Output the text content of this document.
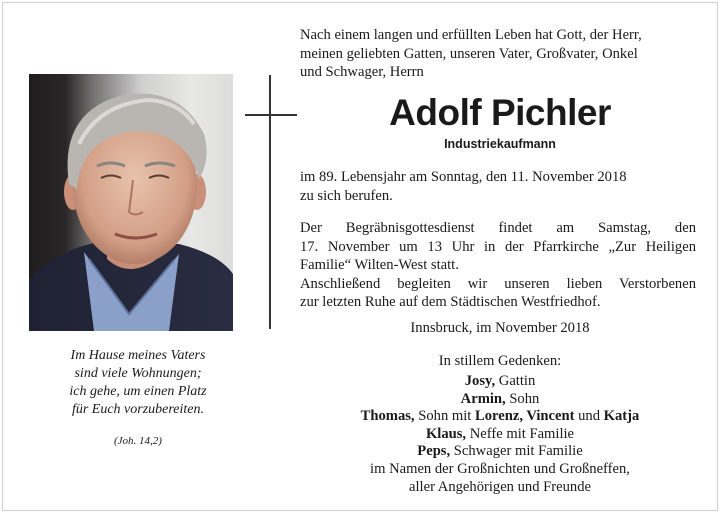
Nach einem langen und erfüllten Leben hat Gott, der Herr,
meinen geliebten Gatten, unseren Vater, Großvater, Onkel
und Schwager, Herrn
Adolf Pichler
Industriekaufmann
im 89. Lebensjahr am Sonntag, den 11. November 2018
zu sich berufen.
Der Begräbnisgottesdienst findet am Samstag, den
17. November um 13 Uhr in der Pfarrkirche „Zur Heiligen
Familie“ Wilten-West statt.
Anschließend begleiten wir unseren lieben Verstorbenen
zur letzten Ruhe auf dem Städtischen Westfriedhof.
Innsbruck, im November 2018
In stillem Gedenken:
Josy, Gattin
Armin, Sohn
Thomas, Sohn mit Lorenz, Vincent und Katja
Klaus, Neffe mit Familie
Peps, Schwager mit Familie
im Namen der Großnichten und Großneffen,
aller Angehörigen und Freunde
Im Hause meines Vaters
sind viele Wohnungen;
ich gehe, um einen Platz
für Euch vorzubereiten.
(Joh. 14,2)
